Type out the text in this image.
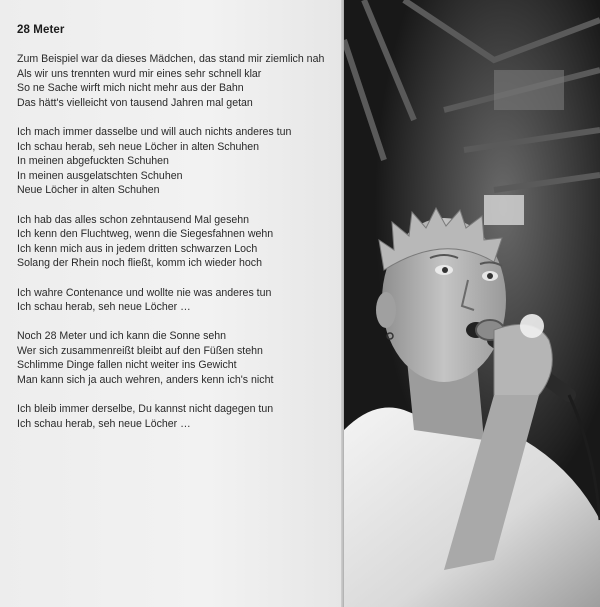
28 Meter
Zum Beispiel war da dieses Mädchen, das stand mir ziemlich nah
Als wir uns trennten wurd mir eines sehr schnell klar
So ne Sache wirft mich nicht mehr aus der Bahn
Das hätt's vielleicht von tausend Jahren mal getan
Ich mach immer dasselbe und will auch nichts anderes tun
Ich schau herab, seh neue Löcher in alten Schuhen
In meinen abgefuckten Schuhen
In meinen ausgelatschten Schuhen
Neue Löcher in alten Schuhen
Ich hab das alles schon zehntausend Mal gesehn
Ich kenn den Fluchtweg, wenn die Siegesfahnen wehn
Ich kenn mich aus in jedem dritten schwarzen Loch
Solang der Rhein noch fließt, komm ich wieder hoch
Ich wahre Contenance und wollte nie was anderes tun
Ich schau herab, seh neue Löcher …
Noch 28 Meter und ich kann die Sonne sehn
Wer sich zusammenreißt bleibt auf den Füßen stehn
Schlimme Dinge fallen nicht weiter ins Gewicht
Man kann sich ja auch wehren, anders kenn ich's nicht
Ich bleib immer derselbe, Du kannst nicht dagegen tun
Ich schau herab, seh neue Löcher …
